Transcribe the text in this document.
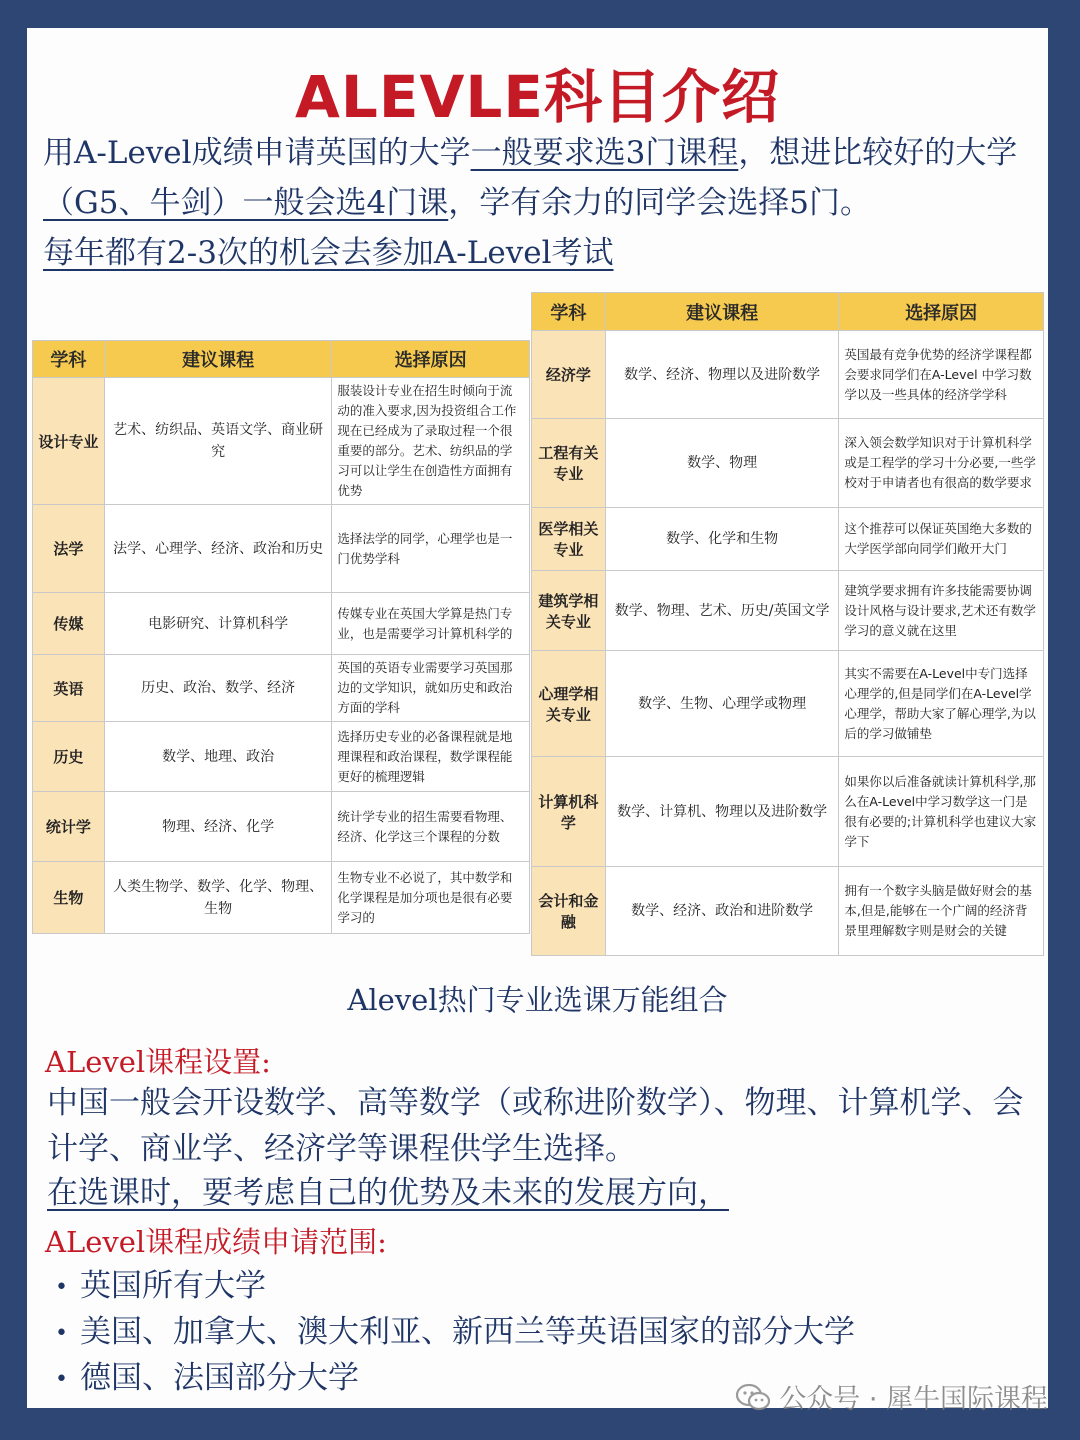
ALEVLE科目介绍
用A-Level成绩申请英国的大学一般要求选3门课程，想进比较好的大学（G5、牛剑）一般会选4门课，学有余力的同学会选择5门。
每年都有2-3次的机会去参加A-Level考试
学科	建议课程	选择原因
设计专业	艺术、纺织品、英语文学、商业研究	服装设计专业在招生时倾向于流动的准入要求,因为投资组合工作现在已经成为了录取过程一个很重要的部分。艺术、纺织品的学习可以让学生在创造性方面拥有优势
法学	法学、心理学、经济、政治和历史	选择法学的同学，心理学也是一门优势学科
传媒	电影研究、计算机科学	传媒专业在英国大学算是热门专业，也是需要学习计算机科学的
英语	历史、政治、数学、经济	英国的英语专业需要学习英国那边的文学知识，就如历史和政治方面的学科
历史	数学、地理、政治	选择历史专业的必备课程就是地理课程和政治课程，数学课程能更好的梳理逻辑
统计学	物理、经济、化学	统计学专业的招生需要看物理、经济、化学这三个课程的分数
生物	人类生物学、数学、化学、物理、生物	生物专业不必说了，其中数学和化学课程是加分项也是很有必要学习的
学科	建议课程	选择原因
经济学	数学、经济、物理以及进阶数学	英国最有竞争优势的经济学课程都会要求同学们在A-Level 中学习数学以及一些具体的经济学学科
工程有关专业	数学、物理	深入领会数学知识对于计算机科学或是工程学的学习十分必要,一些学校对于申请者也有很高的数学要求
医学相关专业	数学、化学和生物	这个推荐可以保证英国绝大多数的大学医学部向同学们敞开大门
建筑学相关专业	数学、物理、艺术、历史/英国文学	建筑学要求拥有许多技能需要协调设计风格与设计要求,艺术还有数学学习的意义就在这里
心理学相关专业	数学、生物、心理学或物理	其实不需要在A-Level中专门选择心理学的,但是同学们在A-Level学心理学，帮助大家了解心理学,为以后的学习做铺垫
计算机科学	数学、计算机、物理以及进阶数学	如果你以后准备就读计算机科学,那么在A-Level中学习数学这一门是很有必要的;计算机科学也建议大家学下
会计和金融	数学、经济、政治和进阶数学	拥有一个数字头脑是做好财会的基本,但是,能够在一个广阔的经济背景里理解数字则是财会的关键
Alevel热门专业选课万能组合
ALevel课程设置:
中国一般会开设数学、高等数学（或称进阶数学）、物理、计算机学、会计学、商业学、经济学等课程供学生选择。
在选课时，要考虑自己的优势及未来的发展方向，
ALevel课程成绩申请范围:
• 英国所有大学
• 美国、加拿大、澳大利亚、新西兰等英语国家的部分大学
• 德国、法国部分大学
公众号 · 犀牛国际课程
